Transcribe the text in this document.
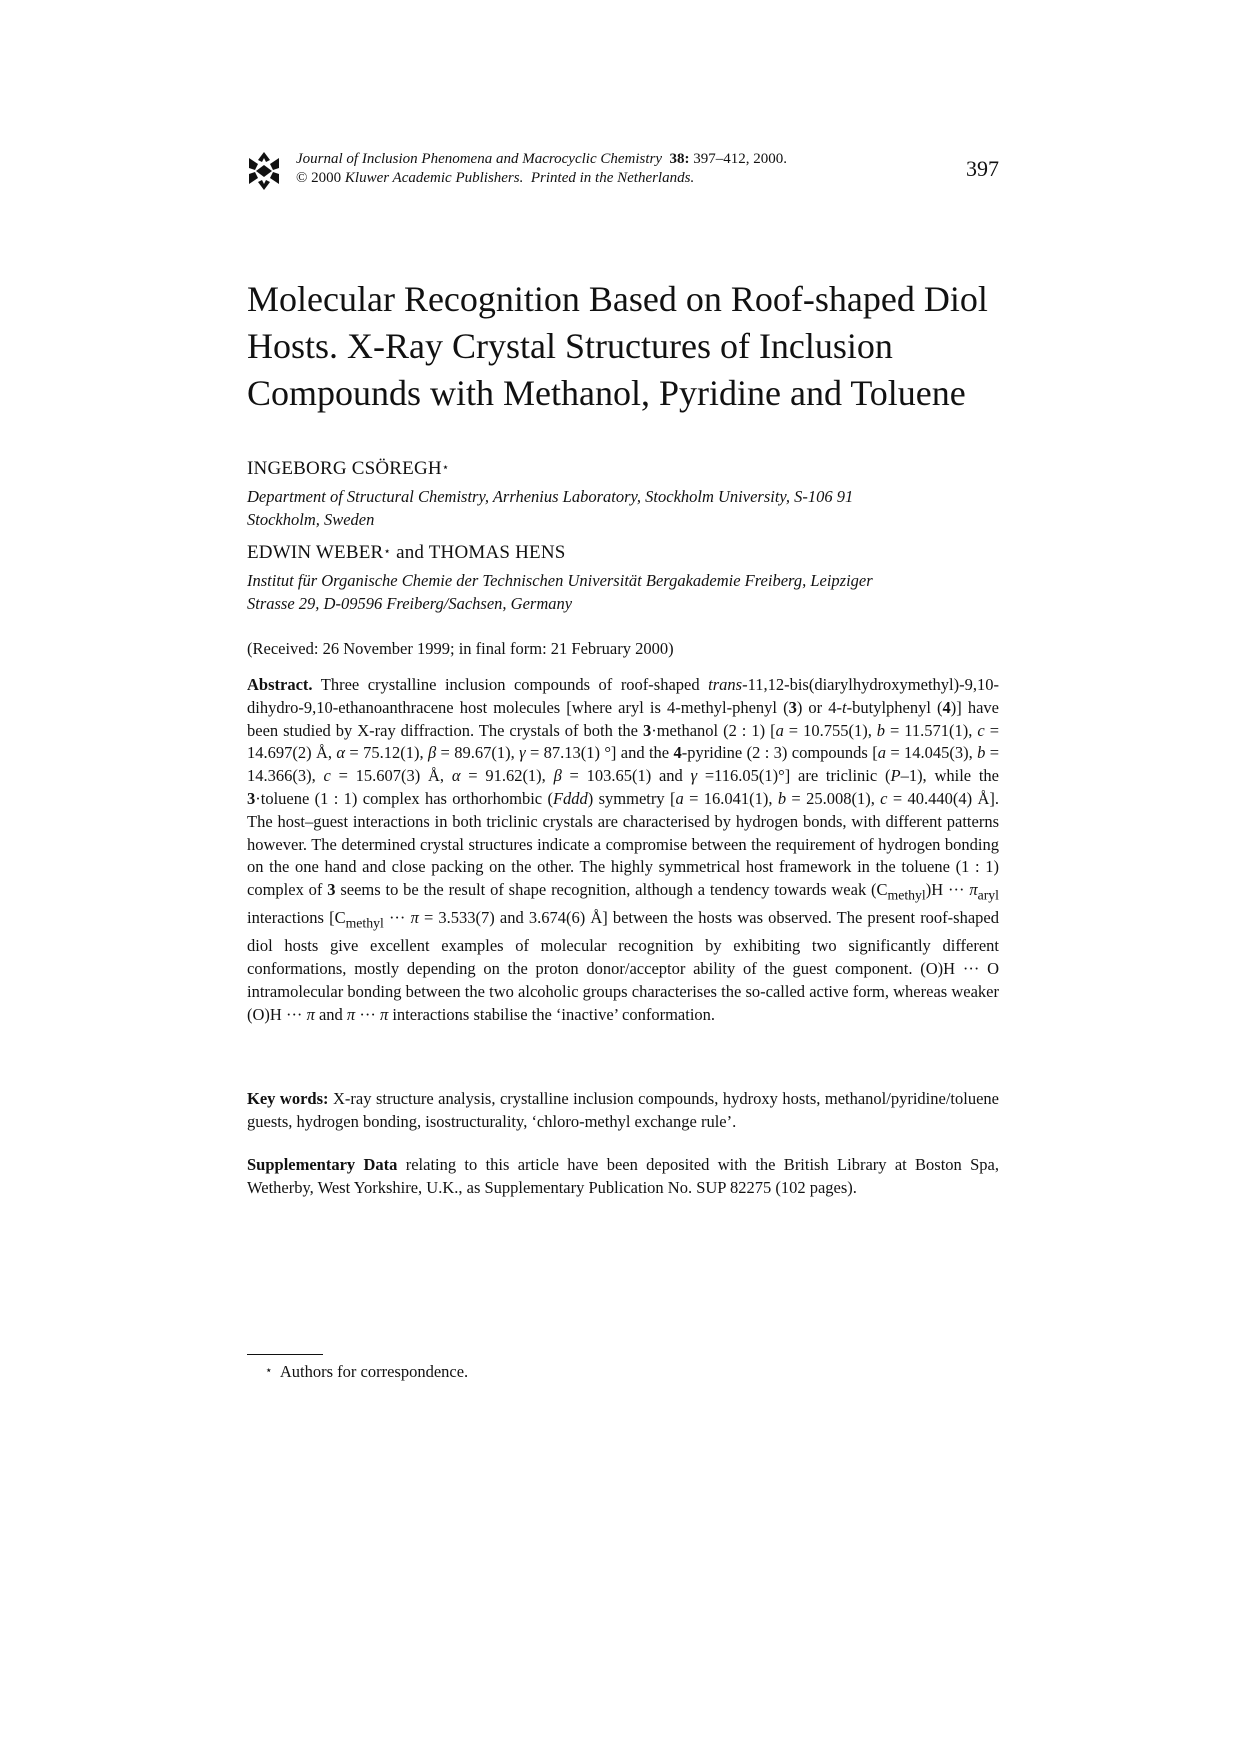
Journal of Inclusion Phenomena and Macrocyclic Chemistry 38: 397–412, 2000.
© 2000 Kluwer Academic Publishers. Printed in the Netherlands.	397
Molecular Recognition Based on Roof-shaped Diol
Hosts. X-Ray Crystal Structures of Inclusion
Compounds with Methanol, Pyridine and Toluene
INGEBORG CSÖREGH⋆
Department of Structural Chemistry, Arrhenius Laboratory, Stockholm University, S-106 91
Stockholm, Sweden
EDWIN WEBER⋆ and THOMAS HENS
Institut für Organische Chemie der Technischen Universität Bergakademie Freiberg, Leipziger
Strasse 29, D-09596 Freiberg/Sachsen, Germany
(Received: 26 November 1999; in final form: 21 February 2000)

Abstract. Three crystalline inclusion compounds of roof-shaped trans-11,12-bis(diarylhydroxymethyl)-9,10-dihydro-9,10-ethanoanthracene host molecules [where aryl is 4-methyl-phenyl (3) or 4-t-butylphenyl (4)] have been studied by X-ray diffraction. The crystals of both the 3·methanol (2 : 1) [a = 10.755(1), b = 11.571(1), c = 14.697(2) Å, α = 75.12(1), β = 89.67(1), γ = 87.13(1) °] and the 4-pyridine (2 : 3) compounds [a = 14.045(3), b = 14.366(3), c = 15.607(3) Å, α = 91.62(1), β = 103.65(1) and γ =116.05(1)°] are triclinic (P–1), while the 3·toluene (1 : 1) complex has orthorhombic (Fddd) symmetry [a = 16.041(1), b = 25.008(1), c = 40.440(4) Å]. The host–guest interactions in both triclinic crystals are characterised by hydrogen bonds, with different patterns however. The determined crystal structures indicate a compromise between the requirement of hydrogen bonding on the one hand and close packing on the other. The highly symmetrical host framework in the toluene (1 : 1) complex of 3 seems to be the result of shape recognition, although a tendency towards weak $(C_{methyl})H$ ··· $\pi_{aryl}$ interactions [$C_{methyl}$ ··· π = 3.533(7) and 3.674(6) Å] between the hosts was observed. The present roof-shaped diol hosts give excellent examples of molecular recognition by exhibiting two significantly different conformations, mostly depending on the proton donor/acceptor ability of the guest component. (O)H ··· O intramolecular bonding between the two alcoholic groups characterises the so-called active form, whereas weaker (O)H ··· π and π ··· π interactions stabilise the ‘inactive’ conformation.

Key words: X-ray structure analysis, crystalline inclusion compounds, hydroxy hosts, methanol/pyridine/toluene guests, hydrogen bonding, isostructurality, ‘chloro-methyl exchange rule’.

Supplementary Data relating to this article have been deposited with the British Library at Boston Spa, Wetherby, West Yorkshire, U.K., as Supplementary Publication No. SUP 82275 (102 pages).

⋆ Authors for correspondence.
